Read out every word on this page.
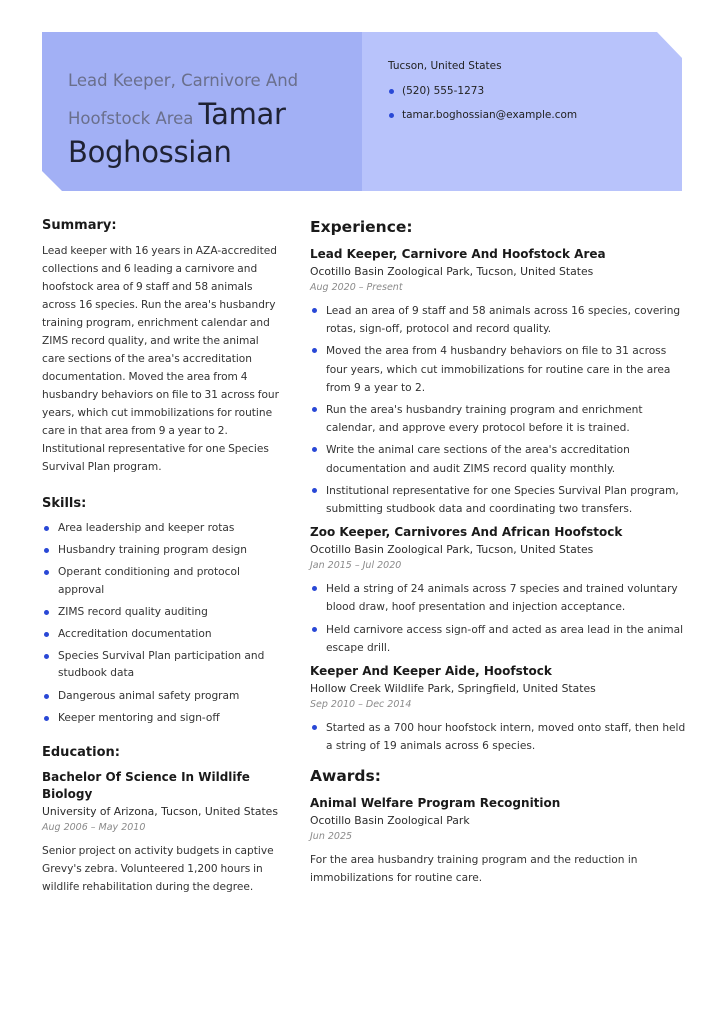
Lead Keeper, Carnivore And Hoofstock Area Tamar
Boghossian
Tucson, United States
(520) 555-1273
tamar.boghossian@example.com
Summary:
Lead keeper with 16 years in AZA-accredited collections and 6 leading a carnivore and hoofstock area of 9 staff and 58 animals across 16 species. Run the area's husbandry training program, enrichment calendar and ZIMS record quality, and write the animal care sections of the area's accreditation documentation. Moved the area from 4 husbandry behaviors on file to 31 across four years, which cut immobilizations for routine care in that area from 9 a year to 2. Institutional representative for one Species Survival Plan program.
Skills:
Area leadership and keeper rotas
Husbandry training program design
Operant conditioning and protocol approval
ZIMS record quality auditing
Accreditation documentation
Species Survival Plan participation and studbook data
Dangerous animal safety program
Keeper mentoring and sign-off
Education:
Bachelor Of Science In Wildlife Biology
University of Arizona, Tucson, United States
Aug 2006 – May 2010
Senior project on activity budgets in captive Grevy's zebra. Volunteered 1,200 hours in wildlife rehabilitation during the degree.
Experience:
Lead Keeper, Carnivore And Hoofstock Area
Ocotillo Basin Zoological Park, Tucson, United States
Aug 2020 – Present
Lead an area of 9 staff and 58 animals across 16 species, covering rotas, sign-off, protocol and record quality.
Moved the area from 4 husbandry behaviors on file to 31 across four years, which cut immobilizations for routine care in the area from 9 a year to 2.
Run the area's husbandry training program and enrichment calendar, and approve every protocol before it is trained.
Write the animal care sections of the area's accreditation documentation and audit ZIMS record quality monthly.
Institutional representative for one Species Survival Plan program, submitting studbook data and coordinating two transfers.
Zoo Keeper, Carnivores And African Hoofstock
Ocotillo Basin Zoological Park, Tucson, United States
Jan 2015 – Jul 2020
Held a string of 24 animals across 7 species and trained voluntary blood draw, hoof presentation and injection acceptance.
Held carnivore access sign-off and acted as area lead in the animal escape drill.
Keeper And Keeper Aide, Hoofstock
Hollow Creek Wildlife Park, Springfield, United States
Sep 2010 – Dec 2014
Started as a 700 hour hoofstock intern, moved onto staff, then held a string of 19 animals across 6 species.
Awards:
Animal Welfare Program Recognition
Ocotillo Basin Zoological Park
Jun 2025
For the area husbandry training program and the reduction in immobilizations for routine care.
